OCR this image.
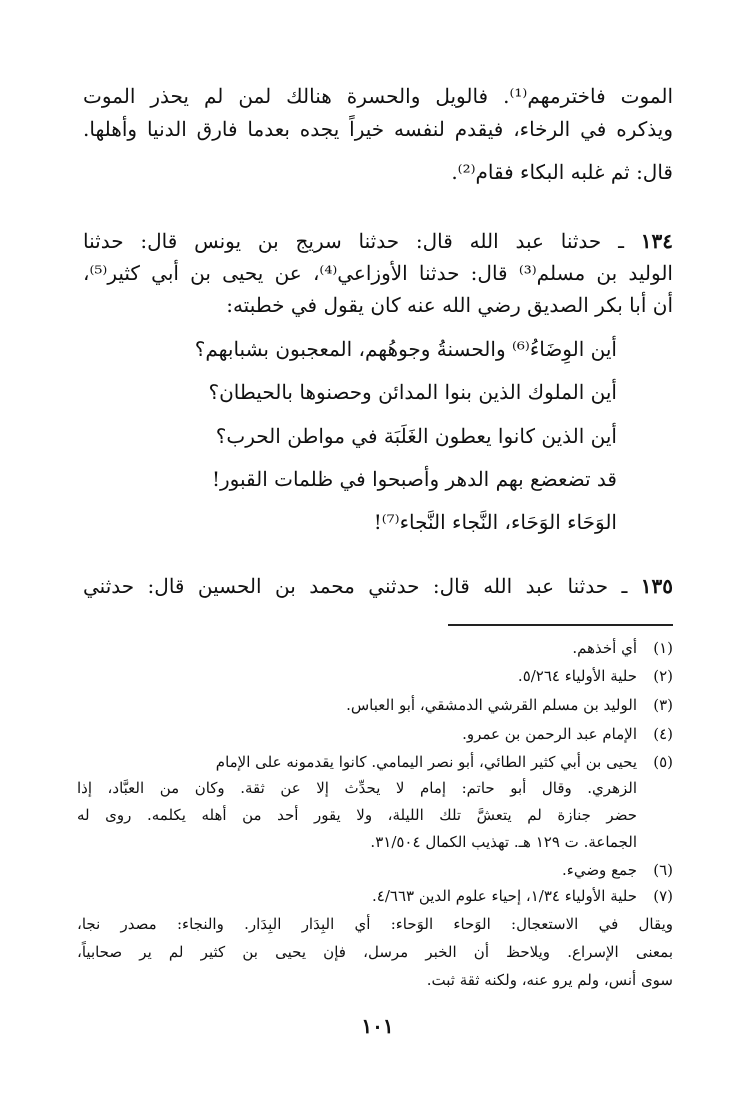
الموت فاخترمهم⁽¹⁾. فالويل والحسرة هنالك لمن لم يحذر الموت
ويذكره في الرخاء، فيقدم لنفسه خيراً يجده بعدما فارق الدنيا وأهلها.
قال: ثم غلبه البكاء فقام⁽²⁾.
١٣٤ ـ حدثنا عبد الله قال: حدثنا سريج بن يونس قال: حدثنا
الوليد بن مسلم⁽³⁾ قال: حدثنا الأوزاعي⁽⁴⁾، عن يحيى بن أبي كثير⁽⁵⁾،
أن أبا بكر الصديق رضي الله عنه كان يقول في خطبته:
أين الوِضَاءُ⁽⁶⁾ والحسنةُ وجوهُهم، المعجبون بشبابهم؟
أين الملوك الذين بنوا المدائن وحصنوها بالحيطان؟
أين الذين كانوا يعطون الغَلَبَة في مواطن الحرب؟
قد تضعضع بهم الدهر وأصبحوا في ظلمات القبور!
الوَحَاء الوَحَاء، النَّجاء النَّجاء⁽⁷⁾!
١٣٥ ـ حدثنا عبد الله قال: حدثني محمد بن الحسين قال: حدثني
(١)
أي أخذهم.
(٢)
حلية الأولياء ٥/٢٦٤.
(٣)
الوليد بن مسلم القرشي الدمشقي، أبو العباس.
(٤)
الإمام عبد الرحمن بن عمرو.
(٥)
يحيى بن أبي كثير الطائي، أبو نصر اليمامي. كانوا يقدمونه على الإمام
الزهري. وقال أبو حاتم: إمام لا يحدِّث إلا عن ثقة. وكان من العبَّاد، إذا
حضر جنازة لم يتعشَّ تلك الليلة، ولا يقور أحد من أهله يكلمه. روى له
الجماعة. ت ١٢٩ هـ. تهذيب الكمال ٣١/٥٠٤.
(٦)
جمع وضيء.
(٧)
حلية الأولياء ١/٣٤، إحياء علوم الدين ٤/٦٦٣.
ويقال في الاستعجال: الوَحاء الوَحاء: أي البِدَار البِدَار. والنجاء: مصدر نجا،
بمعنى الإسراع. ويلاحظ أن الخبر مرسل، فإن يحيى بن كثير لم ير صحابياً،
سوى أنس، ولم يرو عنه، ولكنه ثقة ثبت.
١٠١
